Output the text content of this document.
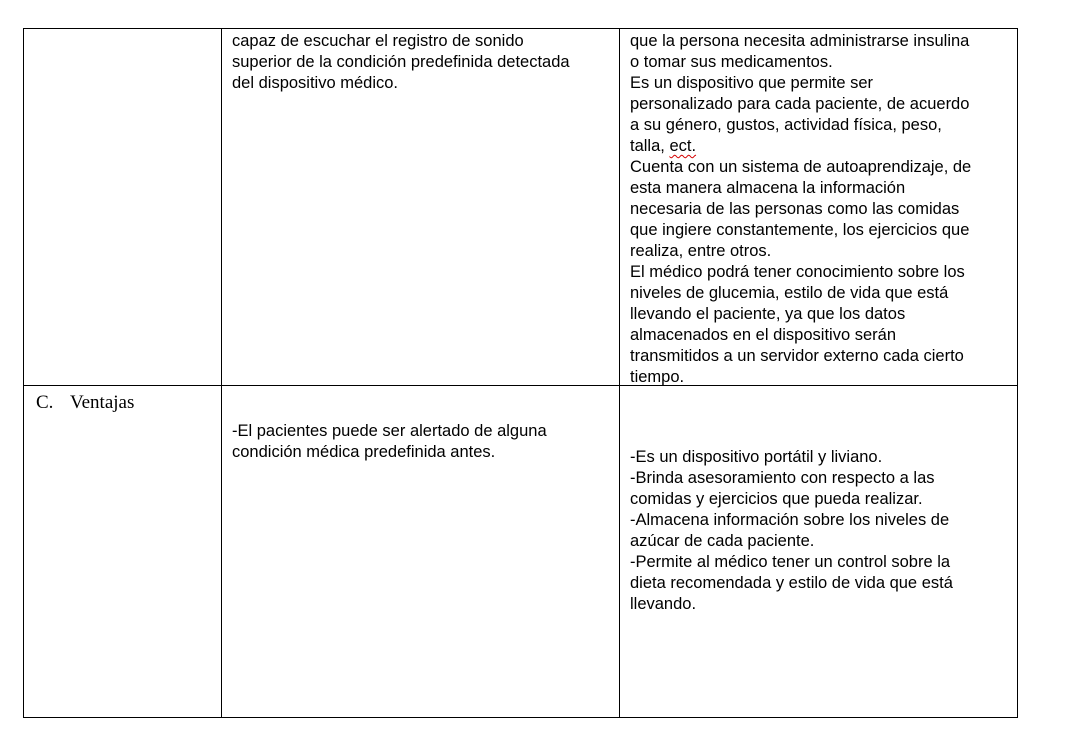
capaz de escuchar el registro de sonido
superior de la condición predefinida detectada
del dispositivo médico.
que la persona necesita administrarse insulina
o tomar sus medicamentos.
Es un dispositivo que permite ser
personalizado para cada paciente, de acuerdo
a su género, gustos, actividad física, peso,
talla, ect.
Cuenta con un sistema de autoaprendizaje, de
esta manera almacena la información
necesaria de las personas como las comidas
que ingiere constantemente, los ejercicios que
realiza, entre otros.
El médico podrá tener conocimiento sobre los
niveles de glucemia, estilo de vida que está
llevando el paciente, ya que los datos
almacenados en el dispositivo serán
transmitidos a un servidor externo cada cierto
tiempo.
C. Ventajas
-El pacientes puede ser alertado de alguna
condición médica predefinida antes.	-Es un dispositivo portátil y liviano.
-Brinda asesoramiento con respecto a las
comidas y ejercicios que pueda realizar.
-Almacena información sobre los niveles de
azúcar de cada paciente.
-Permite al médico tener un control sobre la
dieta recomendada y estilo de vida que está
llevando.
